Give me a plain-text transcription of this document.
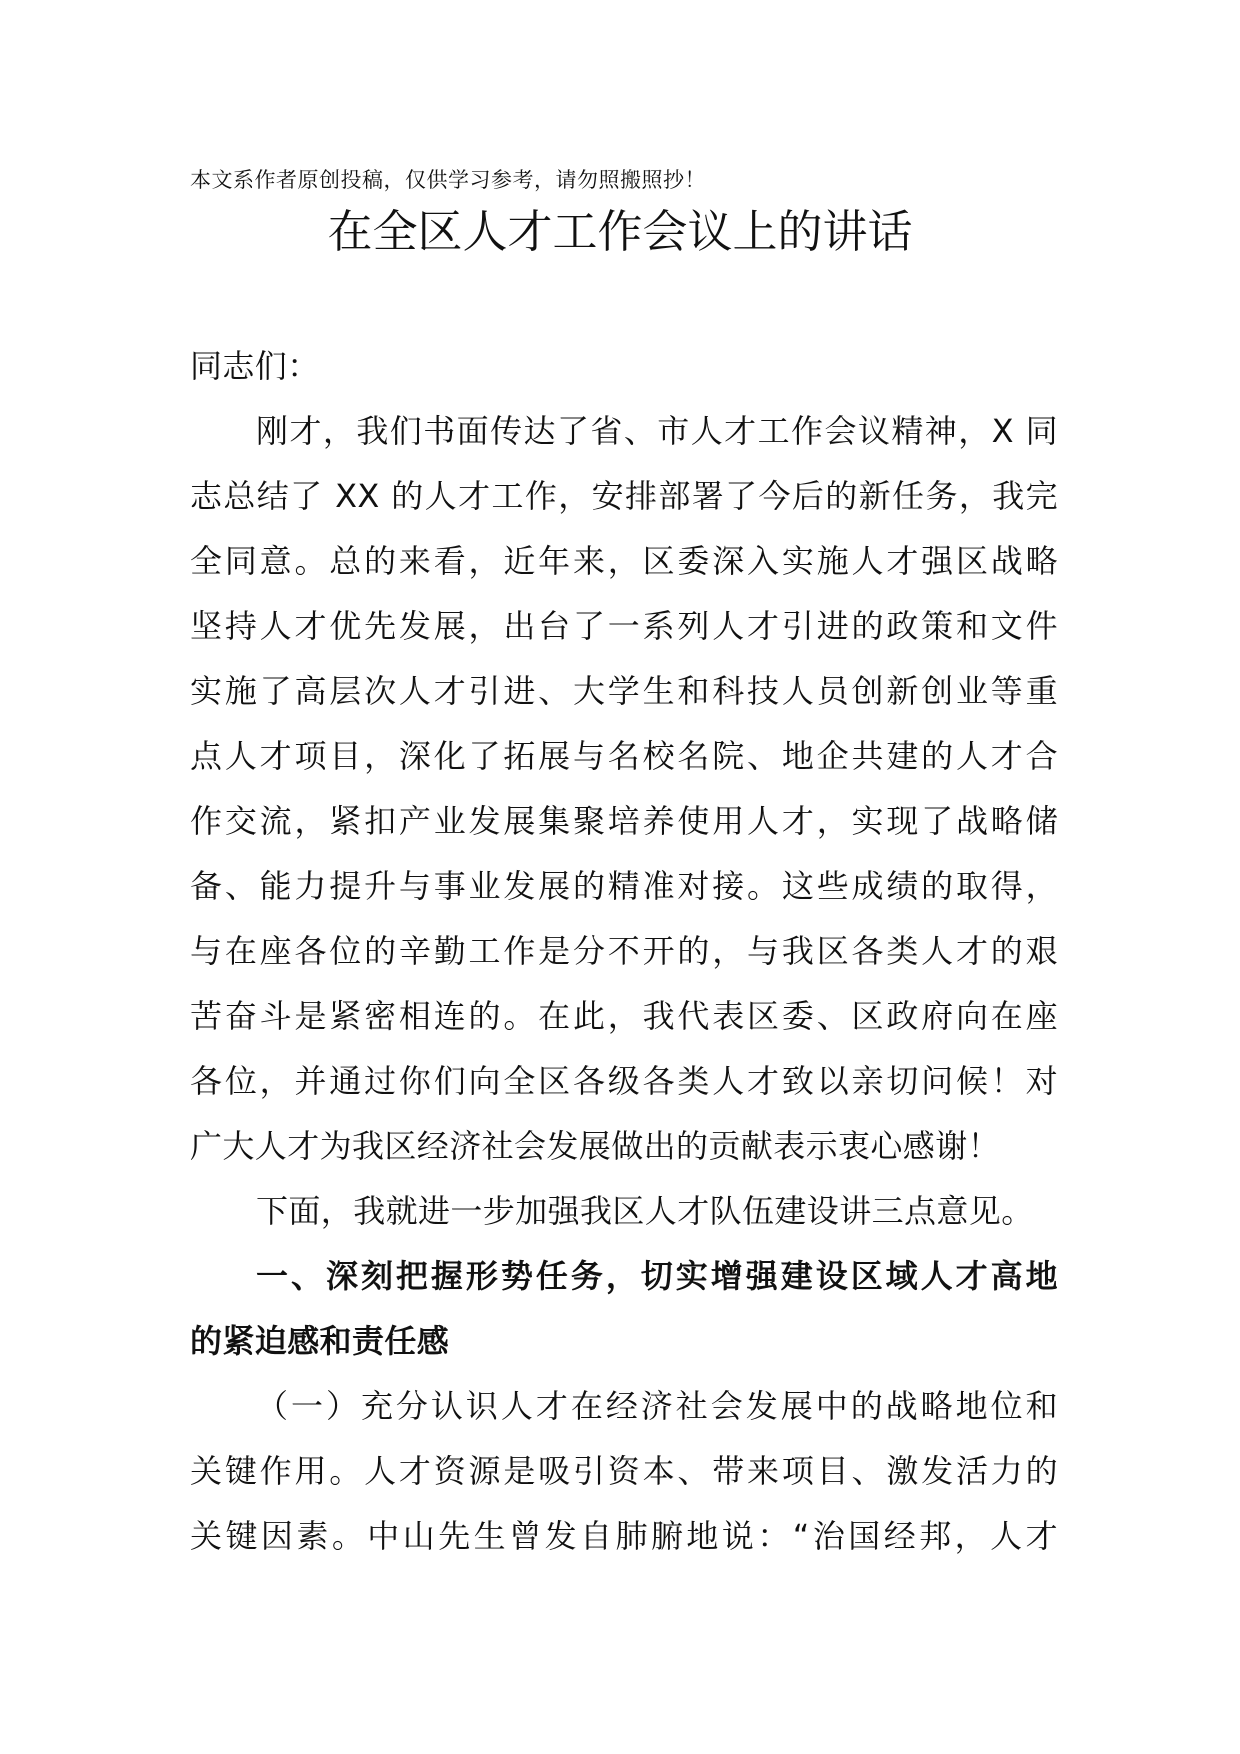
本文系作者原创投稿，仅供学习参考，请勿照搬照抄！
在全区人才工作会议上的讲话
同志们：
刚才，我们书面传达了省、市人才工作会议精神，X 同
志总结了 XX 的人才工作，安排部署了今后的新任务，我完
全同意。总的来看，近年来，区委深入实施人才强区战略
坚持人才优先发展，出台了一系列人才引进的政策和文件
实施了高层次人才引进、大学生和科技人员创新创业等重
点人才项目，深化了拓展与名校名院、地企共建的人才合
作交流，紧扣产业发展集聚培养使用人才，实现了战略储
备、能力提升与事业发展的精准对接。这些成绩的取得，
与在座各位的辛勤工作是分不开的，与我区各类人才的艰
苦奋斗是紧密相连的。在此，我代表区委、区政府向在座
各位，并通过你们向全区各级各类人才致以亲切问候！对
广大人才为我区经济社会发展做出的贡献表示衷心感谢！
下面，我就进一步加强我区人才队伍建设讲三点意见。
一、深刻把握形势任务，切实增强建设区域人才高地
的紧迫感和责任感
（一）充分认识人才在经济社会发展中的战略地位和
关键作用。人才资源是吸引资本、带来项目、激发活力的
关键因素。中山先生曾发自肺腑地说：“治国经邦，人才
